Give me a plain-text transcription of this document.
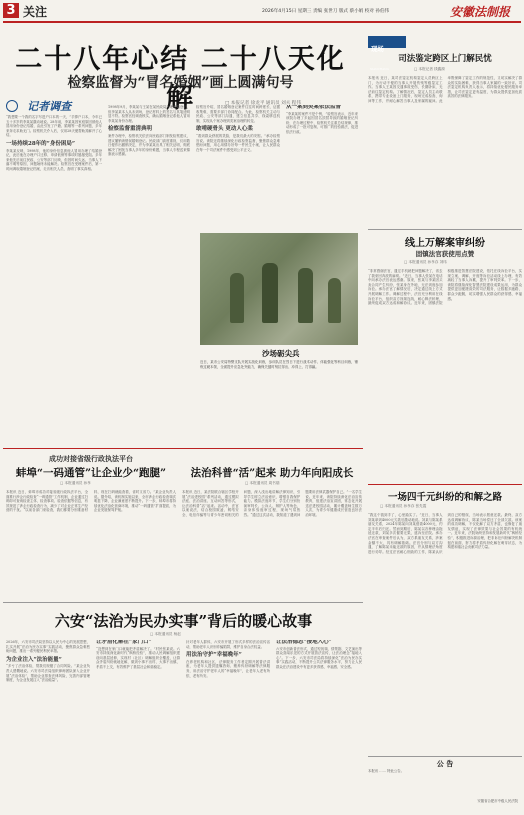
3 关注	2026年4月15日 星期三 责编 张世刀 版式 蔡小娟 校对 孙伯伟	安徽法制报
二十八年心结 二十八天化解
检察监督为“冒名婚姻”画上圆满句号
记者调查	□ 本报记者 徐龙平 通讯员 刘夫 程伟
“我想要一个我的名字写进户口本的一天，”手捧户口本，今年已五十多岁的李某某激动地说。28年前，李某某因家庭原因被他人冒用身份登记结婚，由此引发了户籍、婚姻等一系列问题，多年来奔走求助无门。检察机关介入后，仅用28天便帮助其解开了心结。
一场持续28年的“身份困局”
李某某反映，1998年，他的身份信息被他人冒用办理了结婚登记，此后他在办理户口迁移、申请低保等事项时屡屡受阻。多年来他先后前往民政、公安等部门反映，但因时间久远、当事人下落不明等原因，问题始终未能解决。检察官在受理案件后，第一时间调取婚姻登记档案，走访相关人员，查明了事实真相。
1998年9月，李某某与王某在某民政局办理结婚登记，但李某某本人从未到场，登记材料上的签名与其笔迹明显不符。检察官经调查核实，确认婚姻登记系他人冒用李某某身份办理。
检察监督重清典明
案件办理中，检察机关依法向民政部门制发检察建议，建议撤销该错误婚姻登记。民政部门高度重视，仅用数日便作出撤销决定，并为李某某出具了相关证明，彻底解决了困扰当事人多年的身份难题，当事人专程送来锦旗表示感谢。
检察官介绍，冒名婚姻登记案件往往时间跨度长、证据收集难，需要多部门协同配合。为此，检察机关主动与民政、公安等部门沟通，建立信息共享、线索移送机制，实现从个案办理到类案治理的转变。
敢啃硬骨头 更动人心柔
“看到群众舒展的笑脸，是我们最大的安慰。”承办检察官说。该院还将继续深化行政检察监督，聚焦群众急难愁盼问题，用心用情办好每一件民生小案，让人民群众在每一个司法案件中感受到公平正义。
从一案到类案依法监督
“李某某的案件不是个例，”检察官表示，近年来该院办理了多起因冒名顶替导致的婚姻登记纠纷，在办理过程中，检察机关注重总结规律，推动形成了一批可复制、可推广的经验做法，促进依法行政。
沙场砺尖兵
近日，某市公安局特警支队开展实战化训练，参训队员在烈日下进行战术动作、体能强化等科目训练，锤炼过硬本领，全面提升应急处突能力，确保关键时刻拉得出、冲得上、打得赢。
现场 XIANCHANG
司法鉴定跨区上门解民忧
□ 本报记者 钱鑫源
本报讯 近日，某司法鉴定机构鉴定人员跨区上门，为行动不便的当事人开展伤残等级鉴定工作。当事人王某因交通事故受伤，长期卧床，无法前往鉴定机构。了解情况后，鉴定人员主动联系，携带专业设备上门服务，现场完成检查、询问等工作，并耐心解答当事人及家属的疑问。此举既保障了鉴定工作的规范性，又切实解决了群众的实际困难，获得当事人家属的一致好评。司法鉴定机构负责人表示，将持续优化便民服务举措，让司法鉴定更有温度，为群众提供更加优质高效的法律服务。
线上万解案审纠纷
固镇法官获使用点赞
□ 本报通讯员 孙孝存 刘玮
“非常感谢法官，通过手机就把问题解决了，省去了我来回奔波的麻烦。”近日，当事人张某在电话中向承办法官表达感谢。原来，张某与李某因买卖合同产生纠纷，张某身在外地，无法到庭参加诉讼。承办法官了解情况后，决定通过线上方式开展调解工作。调解过程中，法官充分利用在线诉讼平台，组织双方视频连线，耐心释法析理，最终促成双方达成和解协议。近年来，固镇法院积极推进智慧法院建设，依托在线诉讼平台，实现立案、调解、开庭等诉讼活动线上办理，有效减轻了当事人诉累，提升了审判效率。下一步，该院将继续深化智慧法院建设成果运用，为群众提供更加便捷高效的司法服务，让数据多跑路、群众少跑腿，切实增强人民群众的获得感、幸福感。
一场四千元纠纷的和解之路
□ 本报通讯员 孙孝存 张先霞
“我这个钱到手了，心里踏实了。”近日，当事人刘某拿到4000元欠款后激动地说。刘某与陈某系朋友关系，2024年陈某向刘某借款4000元，约定半年后归还。然而到期后，陈某以各种理由拖延还款，刘某多次催要无果，遂诉至法院。承办法官在审查案件后认为，双方系朋友关系，涉案金额不大，具有调解基础。法官分别与双方沟通，了解陈某未能还款的原因，并从情理法角度进行劝导。经过法官耐心细致的工作，陈某认识到自己的错误，当场表示愿意还款。最终，双方达成调解协议，陈某当场偿还了全部欠款。该案的成功调解，不仅化解了双方矛盾，也修复了朋友情谊，实现了法律效果与社会效果的有机统一。近年来，法院始终坚持和发展新时代“枫桥经验”，积极推进诉源治理，把非诉讼纠纷解决机制挺在前面，努力将矛盾纠纷化解在萌芽状态，为构建和谐社会贡献司法力量。
公 告
本报讯 …… 特此公告。
安徽省合肥市中级人民法院
成功对接省级行政执法平台
蚌埠“一码通管”让企业少“跑腿”
□ 本报通讯员 孙孝
本报讯 近日，蚌埠市成功对接省级行政执法平台，全面推行涉企行政检查“一码通管”工作机制，企业通过扫码即可查询检查主体、检查事项、检查依据等信息，有效规范了涉企行政检查行为，减少了对企业正常生产经营的干扰。“以前各部门来检查，我们都要分别准备材料，现在扫码就能查看，省时又省力。”某企业负责人说。据介绍，该机制实施以来，全市涉企行政检查频次明显下降，企业满意度不断提升。下一步，蚌埠市将持续优化法治化营商环境，推动“一码通管”扩面提质，为企业发展保驾护航。
法治科普“活”起来 助力年向阳成长
□ 本报通讯员 周书瑞
本报讯 近日，某法院联合辖区学校开展“法治进校园”系列活动，通过模拟法庭、法治讲座、互动问答等形式，让法治科普“活”起来。活动中，法官以案说法，结合校园欺凌、网络安全、电信诈骗等与青少年密切相关的问题，深入浅出地讲解法律知识，引导学生树立法治意识，增强自我保护能力。模拟法庭环节，学生们分别扮演审判长、公诉人、辩护人等角色，亲身体验庭审过程，现场气氛热烈。“通过这次活动，我知道了遇到问题要用法律武器保护自己。”一名学生说。近年来，该院持续深化法治宣传教育，组建法治宣讲团，常态化开展送法进校园活动，累计覆盖师生数万人次，为青少年健康成长营造良好法治环境。
六安“法治为民办实事”背后的暖心故事
□ 本报通讯员 杨赵
2026年，六安市司法局坚持以人民为中心的发展思想，扎实开展“法治为民办实事”实践活动，聚焦群众急难愁盼问题，推出一系列便民利民举措。
为企业注入“法治能量”
“多亏了法治体检，帮我们规避了合同风险。”某企业负责人感慨地说。六安市司法局组织律师团队深入企业开展“法治体检”，帮助企业排查法律风险，完善内部管理制度，为企业发展注入“法治能量”。
让矛盾化解在“家门口”
“没想到在家门口就能把矛盾解决了。”村民张某说。六安市持续深化新时代“枫桥经验”，推动人民调解组织建设向基层延伸，实现村（社区）调解组织全覆盖，让群众矛盾纠纷就地化解，做到小事不出村、大事不出镇、矛盾不上交，有效维护了基层社会和谐稳定。
针对老年人群体，六安市开展了形式多样的法治宣传活动，帮助老年人识别诈骗陷阱，维护自身合法权益。
用法治守护“幸福晚年”
在养老机构和社区，法律服务工作者定期开展普法讲座，为老年人提供遗嘱咨询、赡养纠纷调解等法律服务，用法治守护老年人的“幸福晚年”，让老年人老有所依、老有所安。
让法治德志“接地入心”
六安市创新普法形式，通过短视频、情景剧、文艺演出等群众喜闻乐见的方式开展普法宣传，让法治理念“接地入心”。下一步，六安市司法局将持续深化“法治为民办实事”实践活动，不断提升公共法律服务水平，努力让人民群众在法治建设中有更多获得感、幸福感、安全感。
